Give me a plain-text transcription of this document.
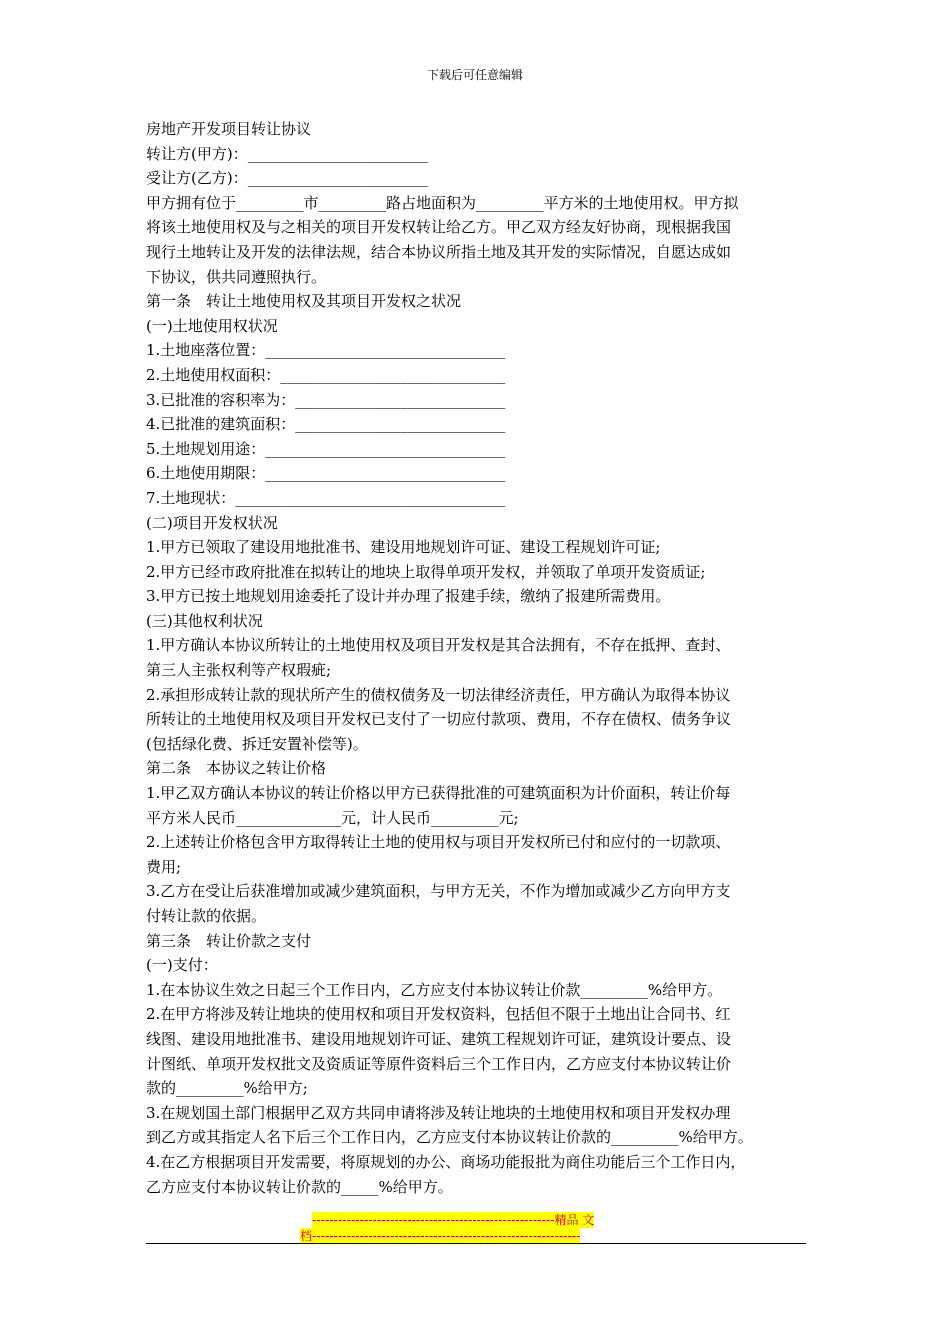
下载后可任意编辑

房地产开发项目转让协议

转让方(甲方)：________________________

受让方(乙方)：________________________

甲方拥有位于_________市_________路占地面积为_________平方米的土地使用权。甲方拟

将该土地使用权及与之相关的项目开发权转让给乙方。甲乙双方经友好协商，现根据我国

现行土地转让及开发的法律法规，结合本协议所指土地及其开发的实际情况，自愿达成如

下协议，供共同遵照执行。

第一条　转让土地使用权及其项目开发权之状况

(一)土地使用权状况

1.土地座落位置：________________________________

2.土地使用权面积：______________________________

3.已批准的容积率为：____________________________

4.已批准的建筑面积：____________________________

5.土地规划用途：________________________________

6.土地使用期限：________________________________

7.土地现状：____________________________________

(二)项目开发权状况

1.甲方已领取了建设用地批准书、建设用地规划许可证、建设工程规划许可证;

2.甲方已经市政府批准在拟转让的地块上取得单项开发权，并领取了单项开发资质证;

3.甲方已按土地规划用途委托了设计并办理了报建手续，缴纳了报建所需费用。

(三)其他权利状况

1.甲方确认本协议所转让的土地使用权及项目开发权是其合法拥有，不存在抵押、查封、

第三人主张权利等产权瑕疵;

2.承担形成转让款的现状所产生的债权债务及一切法律经济责任，甲方确认为取得本协议

所转让的土地使用权及项目开发权已支付了一切应付款项、费用，不存在债权、债务争议

(包括绿化费、拆迁安置补偿等)。

第二条　本协议之转让价格

1.甲乙双方确认本协议的转让价格以甲方已获得批准的可建筑面积为计价面积，转让价每

平方米人民币______________元，计人民币_________元;

2.上述转让价格包含甲方取得转让土地的使用权与项目开发权所已付和应付的一切款项、

费用;

3.乙方在受让后获准增加或减少建筑面积，与甲方无关，不作为增加或减少乙方向甲方支

付转让款的依据。

第三条　转让价款之支付

(一)支付：

1.在本协议生效之日起三个工作日内，乙方应支付本协议转让价款_________%给甲方。

2.在甲方将涉及转让地块的使用权和项目开发权资料，包括但不限于土地出让合同书、红

线图、建设用地批准书、建设用地规划许可证、建筑工程规划许可证，建筑设计要点、设

计图纸、单项开发权批文及资质证等原件资料后三个工作日内，乙方应支付本协议转让价

款的_________%给甲方;

3.在规划国土部门根据甲乙双方共同申请将涉及转让地块的土地使用权和项目开发权办理

到乙方或其指定人名下后三个工作日内，乙方应支付本协议转让价款的_________%给甲方。

4.在乙方根据项目开发需要，将原规划的办公、商场功能报批为商住功能后三个工作日内，

乙方应支付本协议转让价款的_____%给甲方。

--------------------------------------------------------精品 文
档--------------------------------------------------------------
